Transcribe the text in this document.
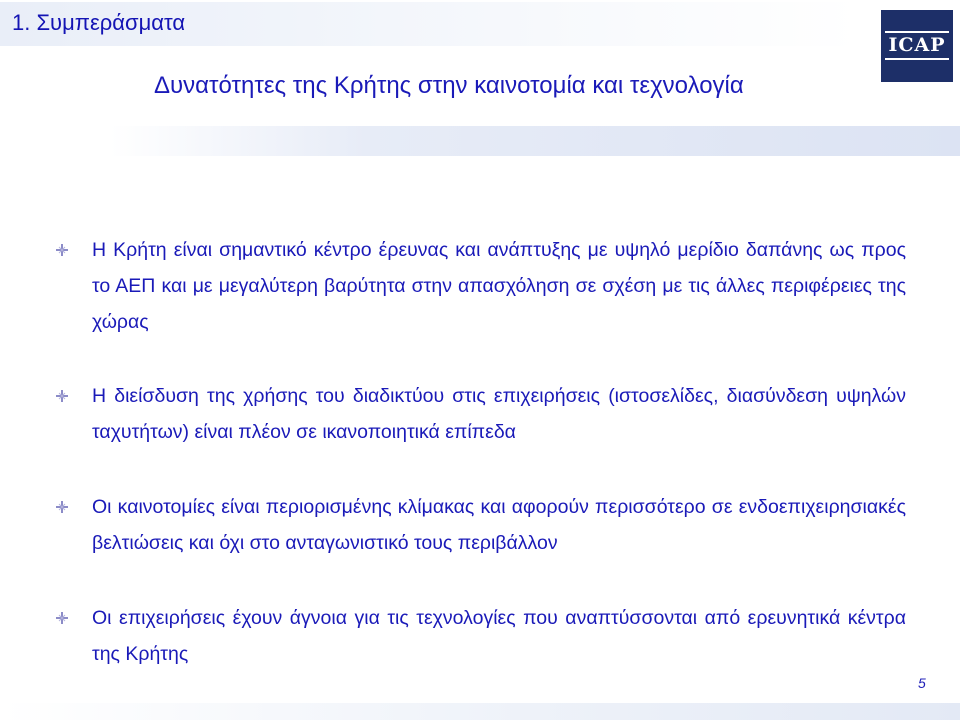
1. Συμπεράσματα
ICAP
Δυνατότητες της Κρήτης στην καινοτομία και τεχνολογία
Η Κρήτη είναι σημαντικό κέντρο έρευνας και ανάπτυξης με υψηλό μερίδιο δαπάνης ως προς το ΑΕΠ και με μεγαλύτερη βαρύτητα στην απασχόληση σε σχέση με τις άλλες περιφέρειες της χώρας
Η διείσδυση της χρήσης του διαδικτύου στις επιχειρήσεις (ιστοσελίδες, διασύνδεση υψηλών ταχυτήτων) είναι πλέον σε ικανοποιητικά επίπεδα
Οι καινοτομίες είναι περιορισμένης κλίμακας και αφορούν περισσότερο σε ενδοεπιχειρησιακές βελτιώσεις και όχι στο ανταγωνιστικό τους περιβάλλον
Οι επιχειρήσεις έχουν άγνοια για τις τεχνολογίες που αναπτύσσονται από ερευνητικά κέντρα της Κρήτης
5
